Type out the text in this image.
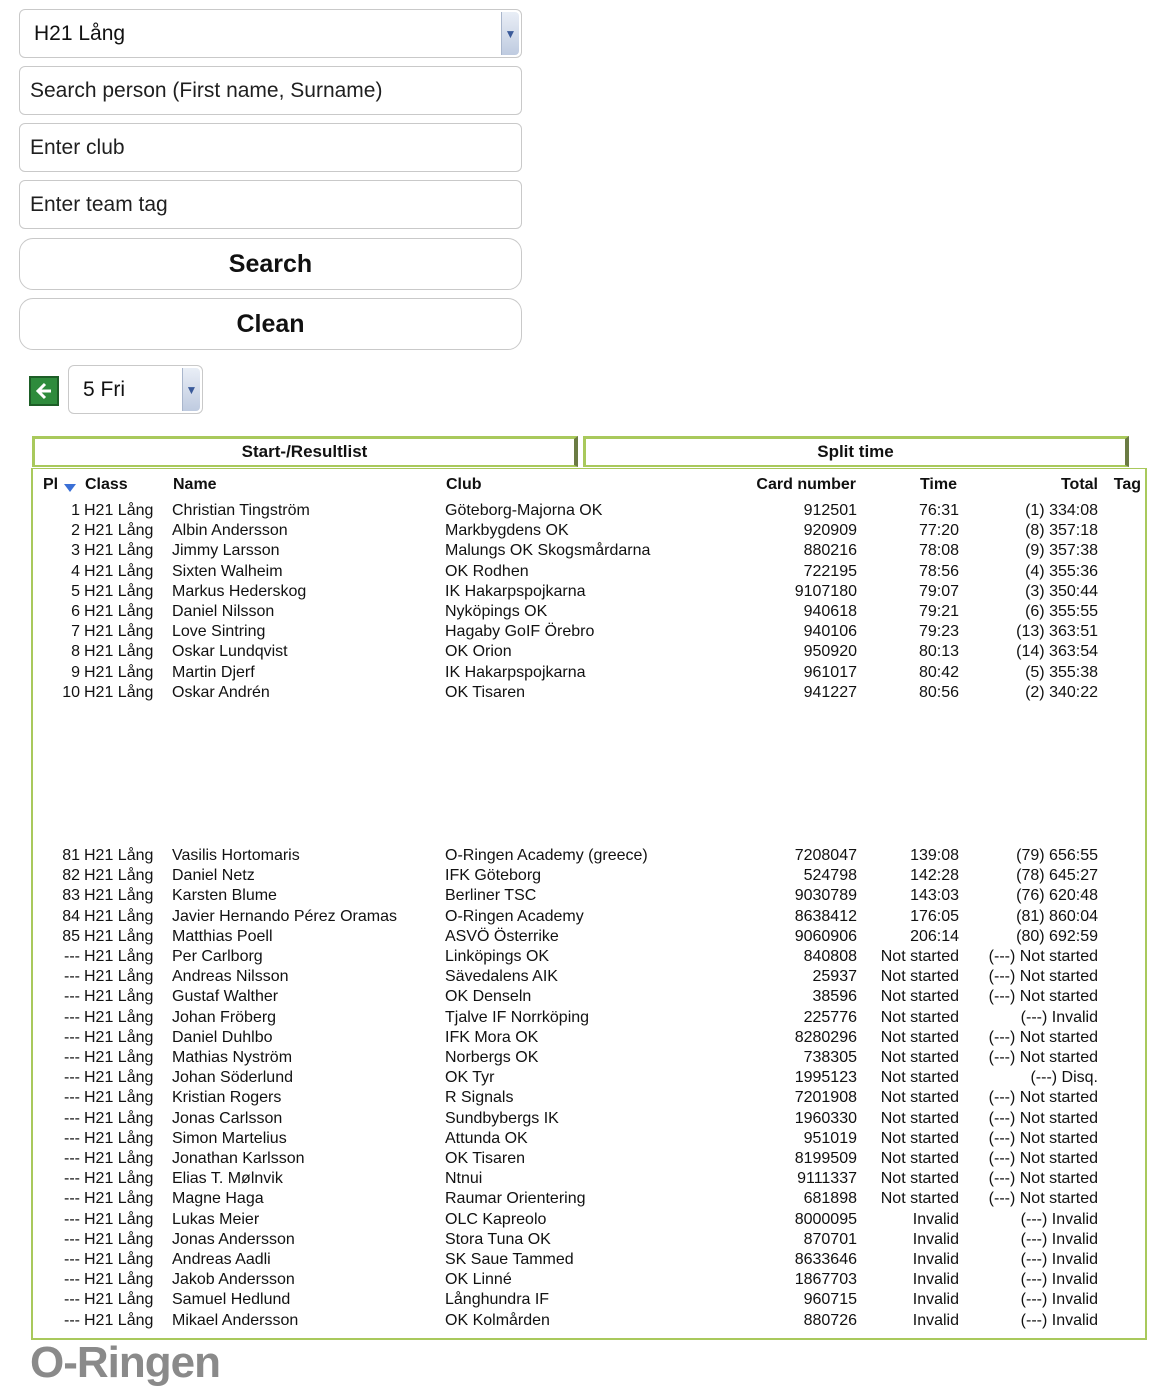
H21 Lång	▼
Search person (First name, Surname)
Enter club
Enter team tag
Search
Clean
5 Fri	▼
Start-/Resultlist	Split time
Pl Class	Name	Club	Card number	Time	Total Tag
1 H21 Lång Christian Tingström	Göteborg-Majorna OK	912501	76:31	(1) 334:08
2 H21 Lång Albin Andersson	Markbygdens OK	920909	77:20	(8) 357:18
3 H21 Lång Jimmy Larsson	Malungs OK Skogsmårdarna	880216	78:08	(9) 357:38
4 H21 Lång Sixten Walheim	OK Rodhen	722195	78:56	(4) 355:36
5 H21 Lång Markus Hederskog	IK Hakarpspojkarna	9107180	79:07	(3) 350:44
6 H21 Lång Daniel Nilsson	Nyköpings OK	940618	79:21	(6) 355:55
7 H21 Lång Love Sintring	Hagaby GoIF Örebro	940106	79:23	(13) 363:51
8 H21 Lång Oskar Lundqvist	OK Orion	950920	80:13	(14) 363:54
9 H21 Lång Martin Djerf	IK Hakarpspojkarna	961017	80:42	(5) 355:38
10 H21 Lång Oskar Andrén	OK Tisaren	941227	80:56	(2) 340:22
81 H21 Lång Vasilis Hortomaris	O-Ringen Academy (greece)	7208047	139:08	(79) 656:55
82 H21 Lång Daniel Netz	IFK Göteborg	524798	142:28	(78) 645:27
83 H21 Lång Karsten Blume	Berliner TSC	9030789	143:03	(76) 620:48
84 H21 Lång Javier Hernando Pérez Oramas	O-Ringen Academy	8638412	176:05	(81) 860:04
85 H21 Lång Matthias Poell	ASVÖ Österrike	9060906	206:14	(80) 692:59
--- H21 Lång Per Carlborg	Linköpings OK	840808 Not started (---) Not started
--- H21 Lång Andreas Nilsson	Sävedalens AIK	25937 Not started (---) Not started
--- H21 Lång Gustaf Walther	OK Denseln	38596 Not started (---) Not started
--- H21 Lång Johan Fröberg	Tjalve IF Norrköping	225776 Not started	(---) Invalid
--- H21 Lång Daniel Duhlbo	IFK Mora OK	8280296 Not started (---) Not started
--- H21 Lång Mathias Nyström	Norbergs OK	738305 Not started (---) Not started
--- H21 Lång Johan Söderlund	OK Tyr	1995123 Not started	(---) Disq.
--- H21 Lång Kristian Rogers	R Signals	7201908 Not started (---) Not started
--- H21 Lång Jonas Carlsson	Sundbybergs IK	1960330 Not started (---) Not started
--- H21 Lång Simon Martelius	Attunda OK	951019 Not started (---) Not started
--- H21 Lång Jonathan Karlsson	OK Tisaren	8199509 Not started (---) Not started
--- H21 Lång Elias T. Mølnvik	Ntnui	9111337 Not started (---) Not started
--- H21 Lång Magne Haga	Raumar Orientering	681898 Not started (---) Not started
--- H21 Lång Lukas Meier	OLC Kapreolo	8000095	Invalid	(---) Invalid
--- H21 Lång Jonas Andersson	Stora Tuna OK	870701	Invalid	(---) Invalid
--- H21 Lång Andreas Aadli	SK Saue Tammed	8633646	Invalid	(---) Invalid
--- H21 Lång Jakob Andersson	OK Linné	1867703	Invalid	(---) Invalid
--- H21 Lång Samuel Hedlund	Långhundra IF	960715	Invalid	(---) Invalid
--- H21 Lång Mikael Andersson	OK Kolmården	880726	Invalid	(---) Invalid
O-Ringen
